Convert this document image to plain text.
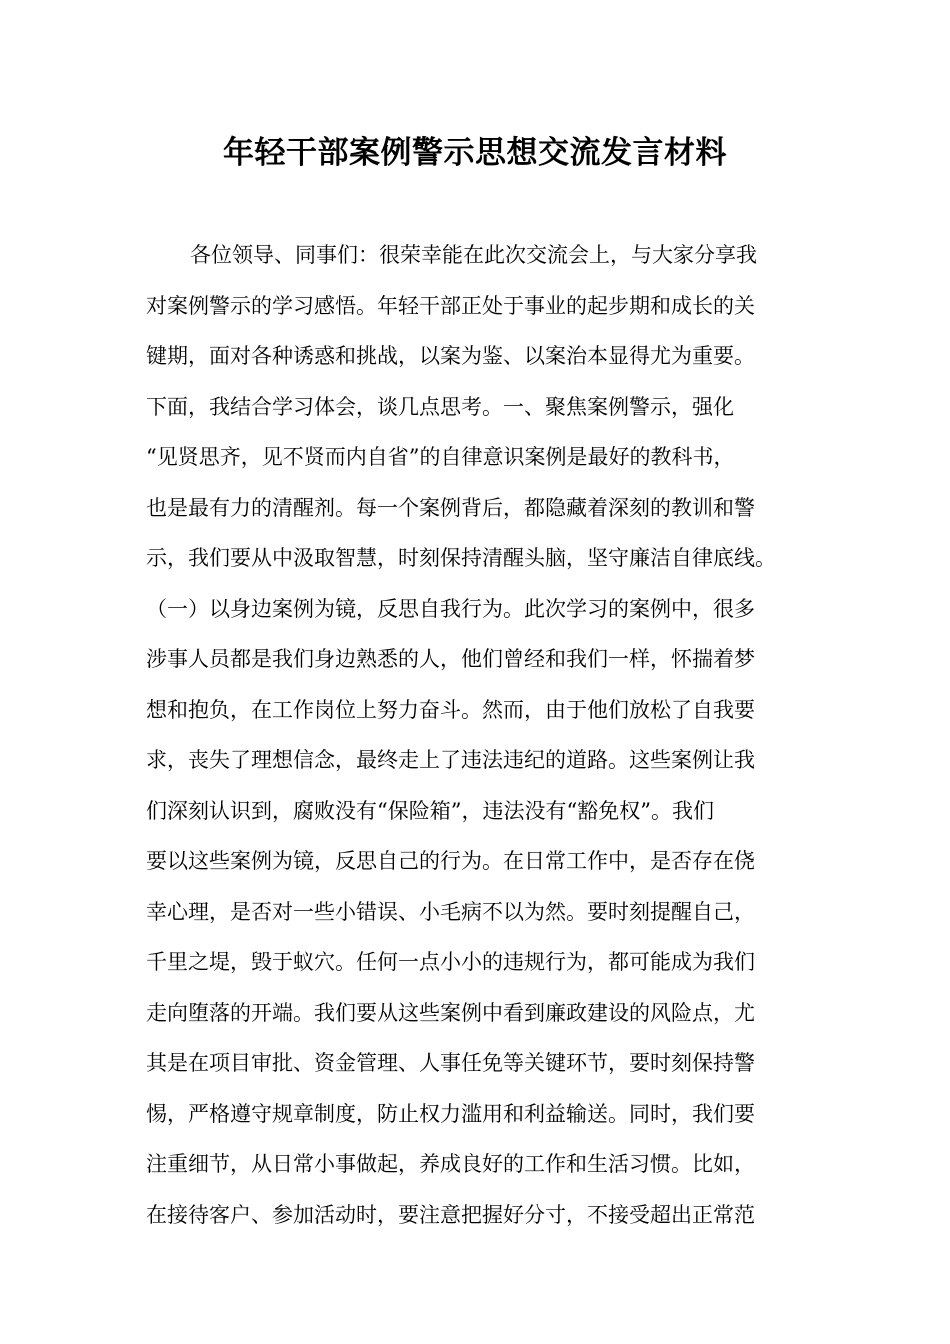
年轻干部案例警示思想交流发言材料
各位领导、同事们：很荣幸能在此次交流会上，与大家分享我
对案例警示的学习感悟。年轻干部正处于事业的起步期和成长的关
键期，面对各种诱惑和挑战，以案为鉴、以案治本显得尤为重要。
下面，我结合学习体会，谈几点思考。一、聚焦案例警示，强化
“见贤思齐，见不贤而内自省”的自律意识案例是最好的教科书，
也是最有力的清醒剂。每一个案例背后，都隐藏着深刻的教训和警
示，我们要从中汲取智慧，时刻保持清醒头脑，坚守廉洁自律底线。
（一）以身边案例为镜，反思自我行为。此次学习的案例中，很多
涉事人员都是我们身边熟悉的人，他们曾经和我们一样，怀揣着梦
想和抱负，在工作岗位上努力奋斗。然而，由于他们放松了自我要
求，丧失了理想信念，最终走上了违法违纪的道路。这些案例让我
们深刻认识到，腐败没有“保险箱”，违法没有“豁免权”。我们
要以这些案例为镜，反思自己的行为。在日常工作中，是否存在侥
幸心理，是否对一些小错误、小毛病不以为然。要时刻提醒自己，
千里之堤，毁于蚁穴。任何一点小小的违规行为，都可能成为我们
走向堕落的开端。我们要从这些案例中看到廉政建设的风险点，尤
其是在项目审批、资金管理、人事任免等关键环节，要时刻保持警
惕，严格遵守规章制度，防止权力滥用和利益输送。同时，我们要
注重细节，从日常小事做起，养成良好的工作和生活习惯。比如，
在接待客户、参加活动时，要注意把握好分寸，不接受超出正常范
